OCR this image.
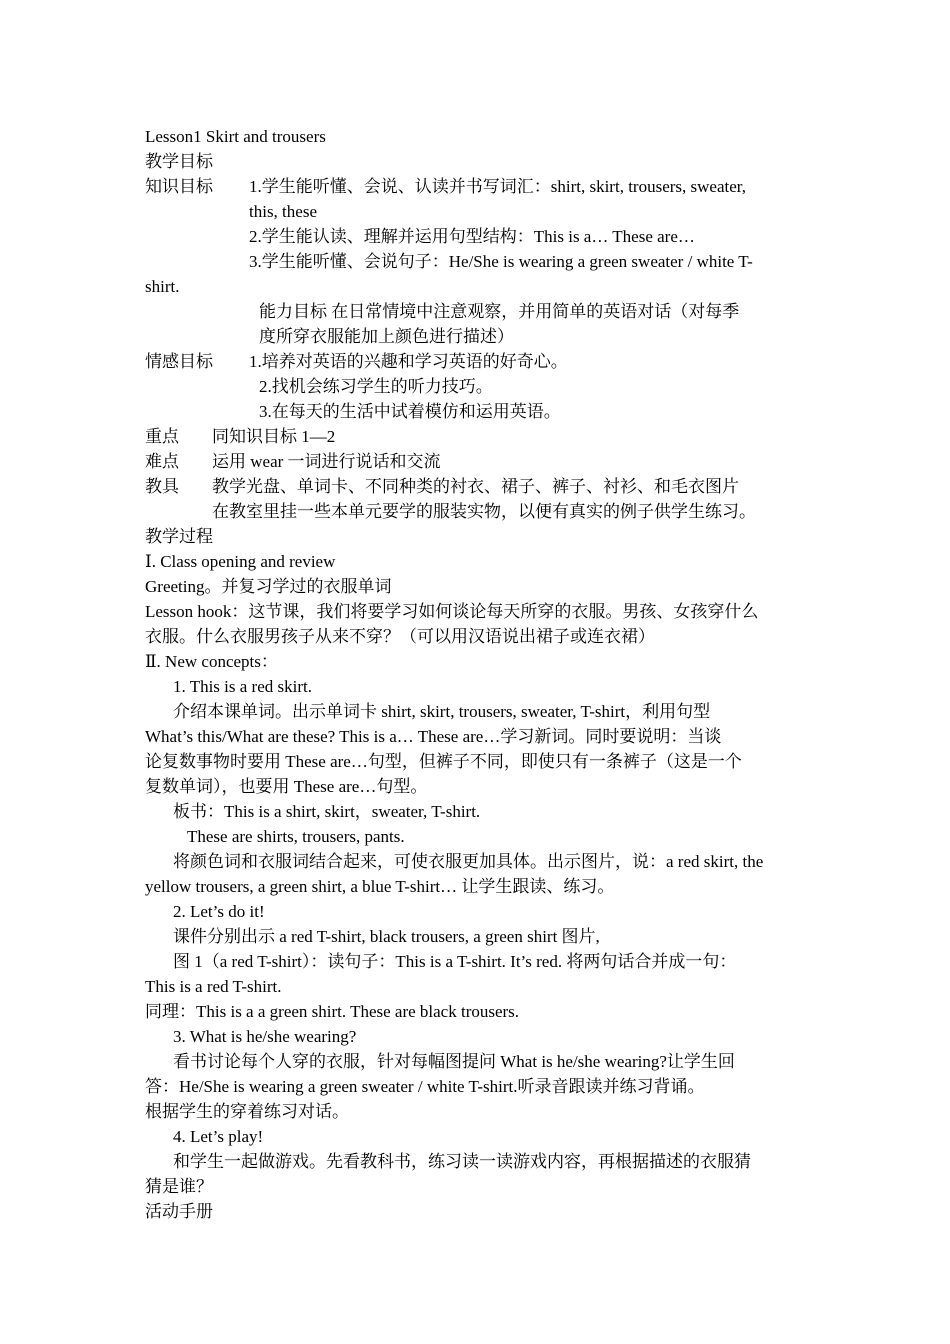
Lesson1 Skirt and trousers
教学目标
知识目标 1.学生能听懂、会说、认读并书写词汇：shirt, skirt, trousers, sweater,
this, these
2.学生能认读、理解并运用句型结构：This is a… These are…
3.学生能听懂、会说句子：He/She is wearing a green sweater / white T-
shirt.
能力目标 在日常情境中注意观察，并用简单的英语对话（对每季
度所穿衣服能加上颜色进行描述）
情感目标 1.培养对英语的兴趣和学习英语的好奇心。
2.找机会练习学生的听力技巧。
3.在每天的生活中试着模仿和运用英语。
重点 同知识目标 1—2
难点 运用 wear 一词进行说话和交流
教具 教学光盘、单词卡、不同种类的衬衣、裙子、裤子、衬衫、和毛衣图片
在教室里挂一些本单元要学的服装实物，以便有真实的例子供学生练习。
教学过程
Ⅰ. Class opening and review
Greeting。并复习学过的衣服单词
Lesson hook：这节课，我们将要学习如何谈论每天所穿的衣服。男孩、女孩穿什么
衣服。什么衣服男孩子从来不穿？（可以用汉语说出裙子或连衣裙）
Ⅱ. New concepts：
1. This is a red skirt.
介绍本课单词。出示单词卡 shirt, skirt, trousers, sweater, T-shirt，利用句型
What’s this/What are these? This is a… These are…学习新词。同时要说明：当谈
论复数事物时要用 These are…句型，但裤子不同，即使只有一条裤子（这是一个
复数单词），也要用 These are…句型。
板书：This is a shirt, skirt，sweater, T-shirt.
These are shirts, trousers, pants.
将颜色词和衣服词结合起来，可使衣服更加具体。出示图片，说：a red skirt, the
yellow trousers, a green shirt, a blue T-shirt… 让学生跟读、练习。
2. Let’s do it!
课件分别出示 a red T-shirt, black trousers, a green shirt 图片,
图 1（a red T-shirt）：读句子：This is a T-shirt. It’s red. 将两句话合并成一句：
This is a red T-shirt.
同理：This is a a green shirt. These are black trousers.
3. What is he/she wearing?
看书讨论每个人穿的衣服，针对每幅图提问 What is he/she wearing?让学生回
答：He/She is wearing a green sweater / white T-shirt.听录音跟读并练习背诵。
根据学生的穿着练习对话。
4. Let’s play!
和学生一起做游戏。先看教科书，练习读一读游戏内容，再根据描述的衣服猜
猜是谁？
活动手册
